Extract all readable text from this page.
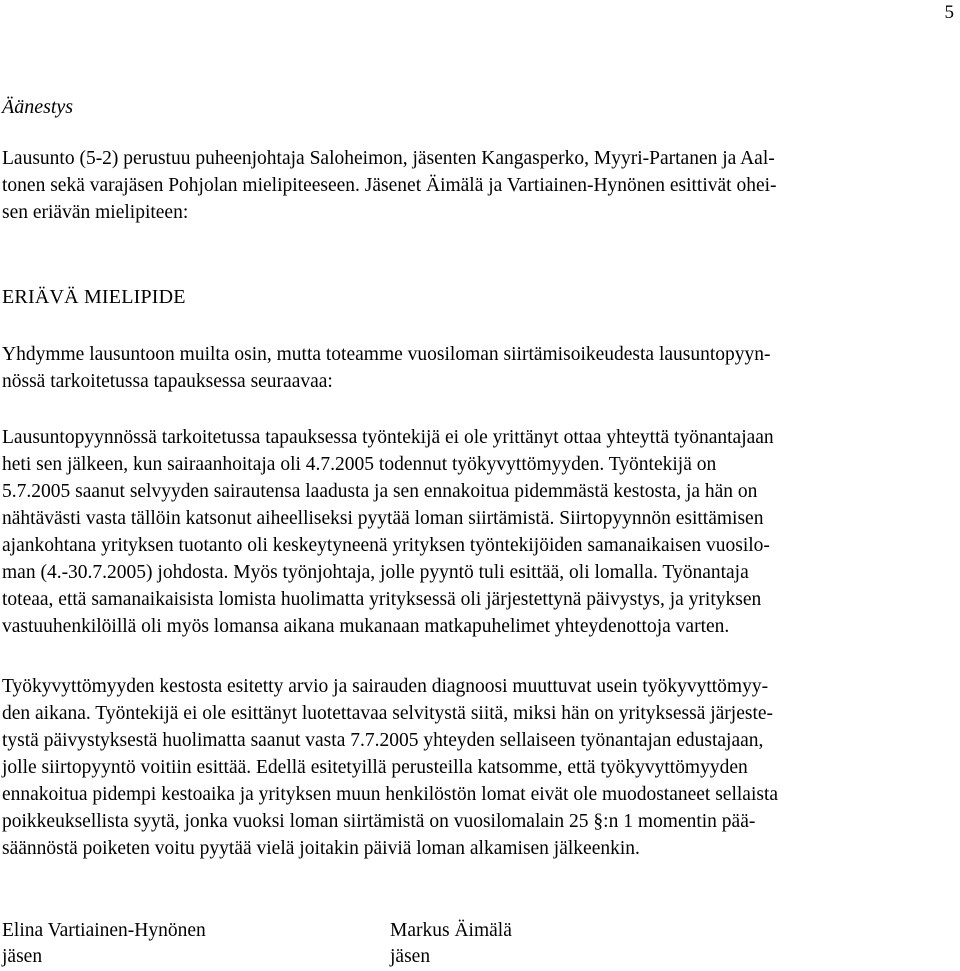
5
Äänestys
Lausunto (5-2) perustuu puheenjohtaja Saloheimon, jäsenten Kangasperko, Myyri-Partanen ja Aal-
tonen sekä varajäsen Pohjolan mielipiteeseen. Jäsenet Äimälä ja Vartiainen-Hynönen esittivät ohei-
sen eriävän mielipiteen:
ERIÄVÄ MIELIPIDE
Yhdymme lausuntoon muilta osin, mutta toteamme vuosiloman siirtämisoikeudesta lausuntopyyn-
nössä tarkoitetussa tapauksessa seuraavaa:
Lausuntopyynnössä tarkoitetussa tapauksessa työntekijä ei ole yrittänyt ottaa yhteyttä työnantajaan
heti sen jälkeen, kun sairaanhoitaja oli 4.7.2005 todennut työkyvyttömyyden. Työntekijä on
5.7.2005 saanut selvyyden sairautensa laadusta ja sen ennakoitua pidemmästä kestosta, ja hän on
nähtävästi vasta tällöin katsonut aiheelliseksi pyytää loman siirtämistä. Siirtopyynnön esittämisen
ajankohtana yrityksen tuotanto oli keskeytyneenä yrityksen työntekijöiden samanaikaisen vuosilo-
man (4.-30.7.2005) johdosta. Myös työnjohtaja, jolle pyyntö tuli esittää, oli lomalla. Työnantaja
toteaa, että samanaikaisista lomista huolimatta yrityksessä oli järjestettynä päivystys, ja yrityksen
vastuuhenkilöillä oli myös lomansa aikana mukanaan matkapuhelimet yhteydenottoja varten.
Työkyvyttömyyden kestosta esitetty arvio ja sairauden diagnoosi muuttuvat usein työkyvyttömyy-
den aikana. Työntekijä ei ole esittänyt luotettavaa selvitystä siitä, miksi hän on yrityksessä järjeste-
tystä päivystyksestä huolimatta saanut vasta 7.7.2005 yhteyden sellaiseen työnantajan edustajaan,
jolle siirtopyyntö voitiin esittää. Edellä esitetyillä perusteilla katsomme, että työkyvyttömyyden
ennakoitua pidempi kestoaika ja yrityksen muun henkilöstön lomat eivät ole muodostaneet sellaista
poikkeuksellista syytä, jonka vuoksi loman siirtämistä on vuosilomalain 25 §:n 1 momentin pää-
säännöstä poiketen voitu pyytää vielä joitakin päiviä loman alkamisen jälkeenkin.
Elina Vartiainen-Hynönen
jäsen
Markus Äimälä
jäsen
